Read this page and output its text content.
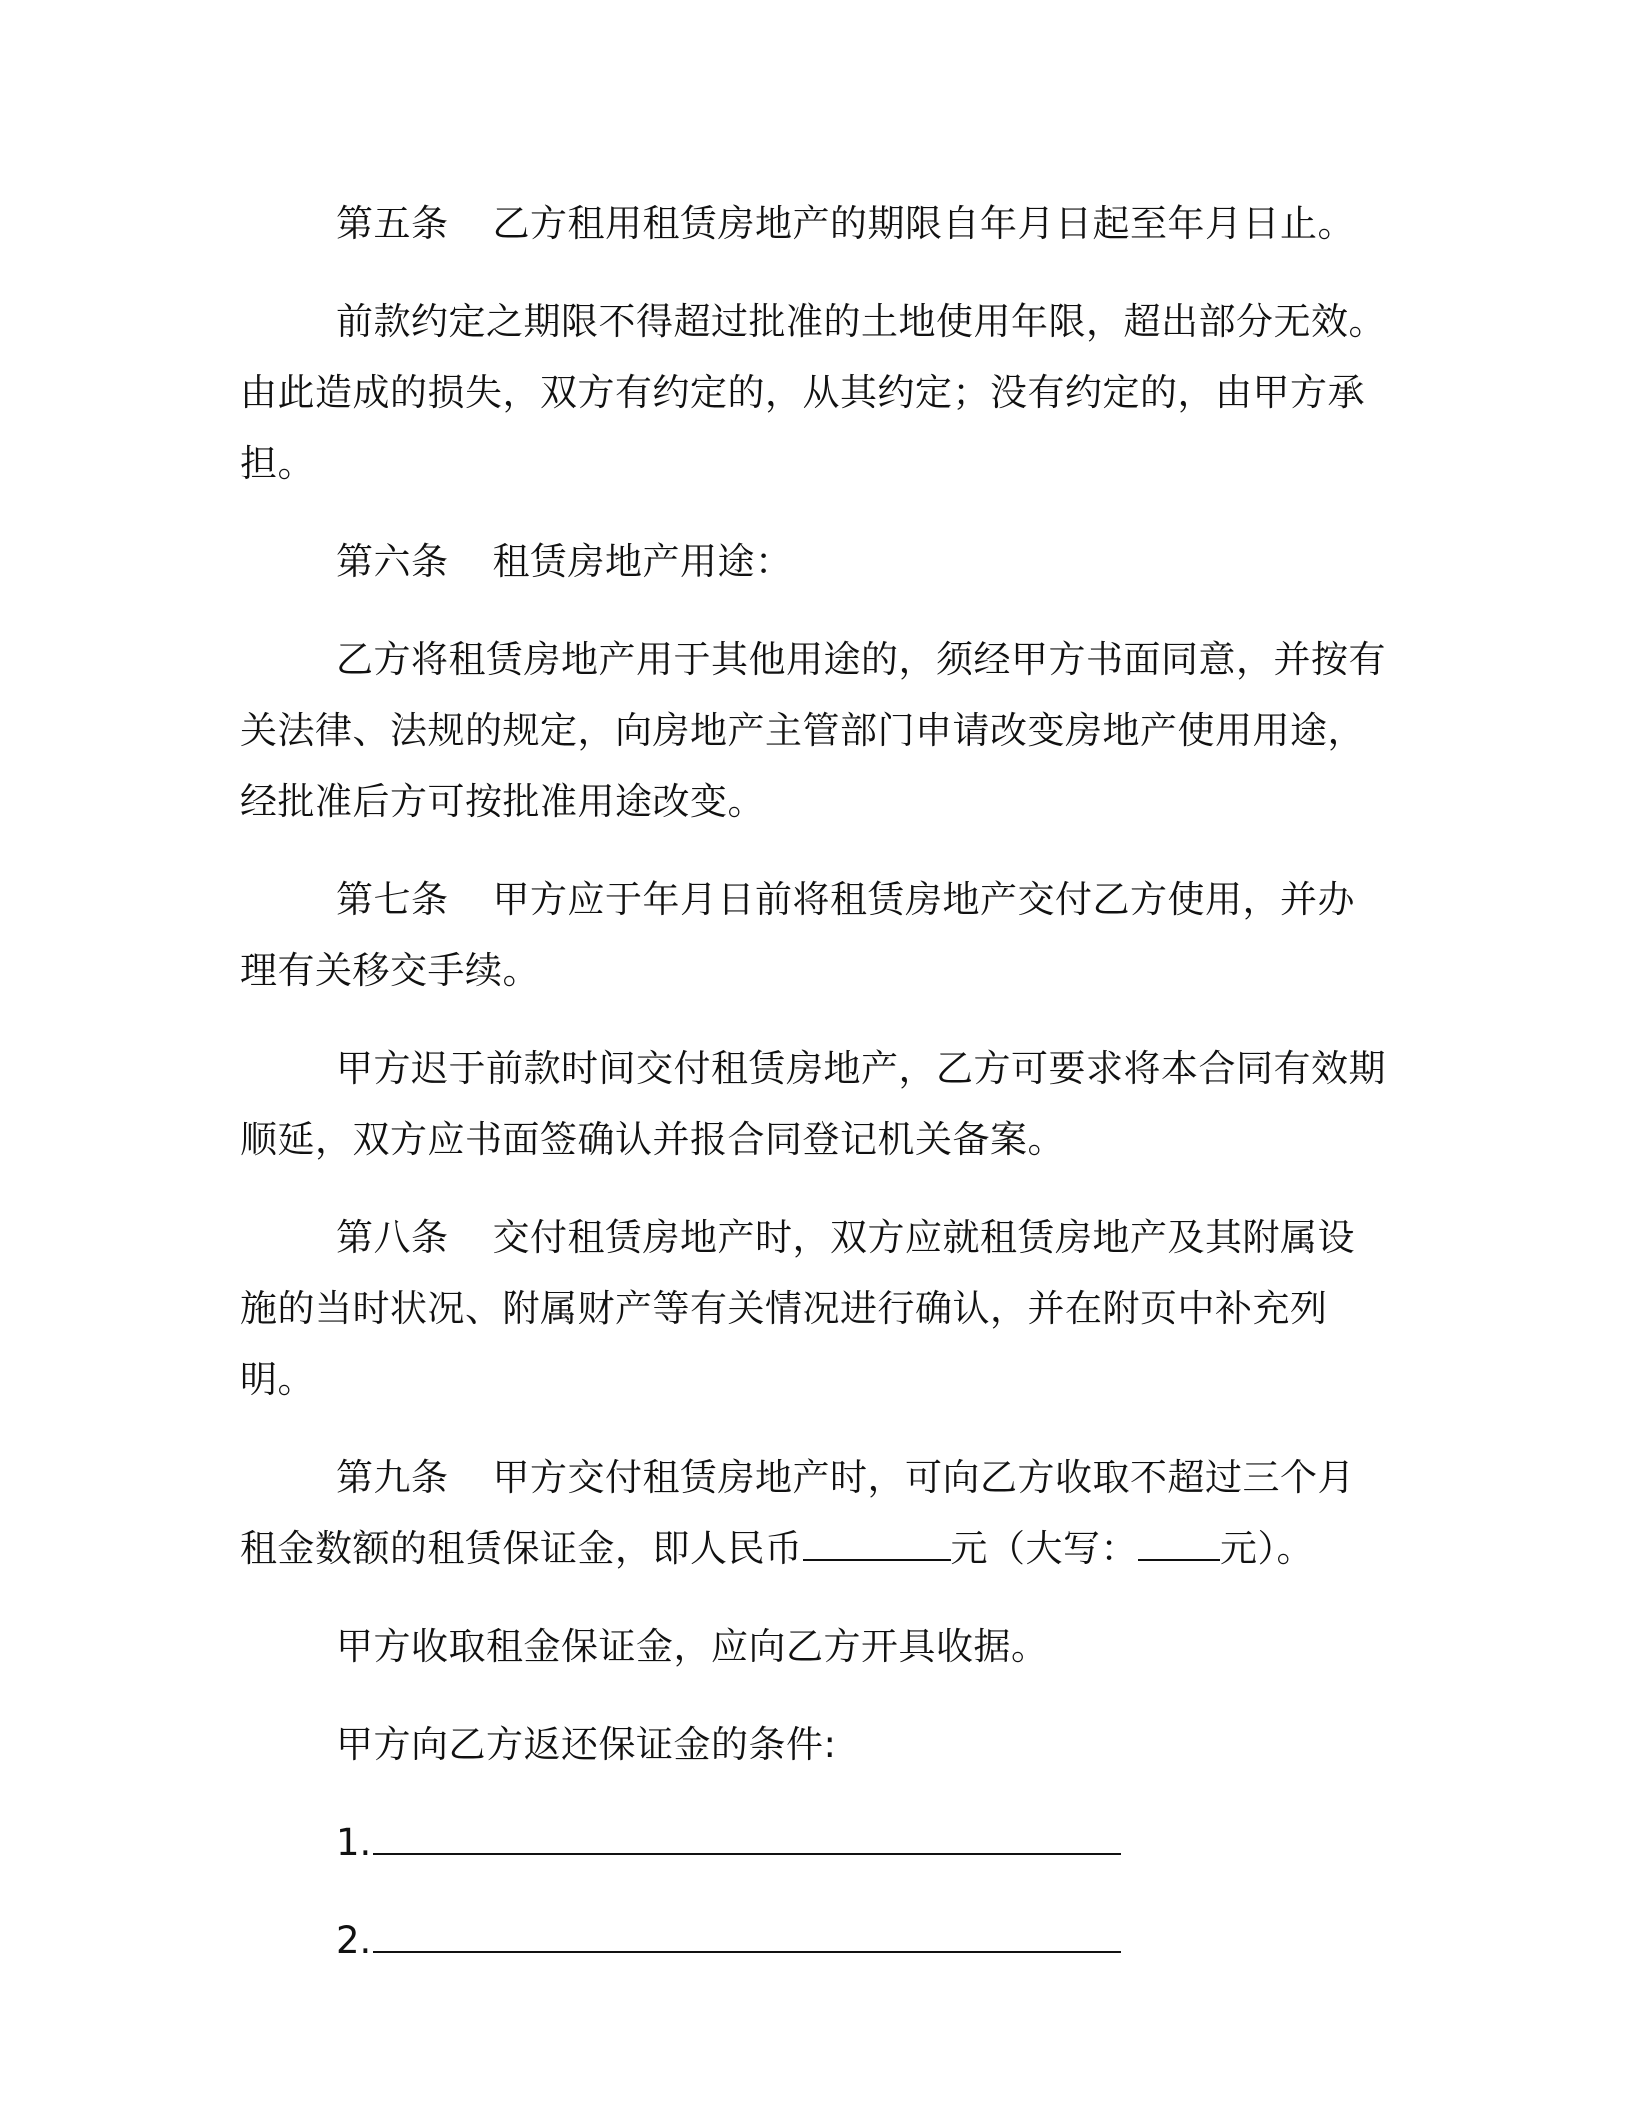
第五条 乙方租用租赁房地产的期限自年月日起至年月日止。

前款约定之期限不得超过批准的土地使用年限，超出部分无效。由此造成的损失，双方有约定的，从其约定；没有约定的，由甲方承担。

第六条 租赁房地产用途：

乙方将租赁房地产用于其他用途的，须经甲方书面同意，并按有关法律、法规的规定，向房地产主管部门申请改变房地产使用用途，经批准后方可按批准用途改变。

第七条 甲方应于年月日前将租赁房地产交付乙方使用，并办理有关移交手续。

甲方迟于前款时间交付租赁房地产，乙方可要求将本合同有效期顺延，双方应书面签确认并报合同登记机关备案。

第八条 交付租赁房地产时，双方应就租赁房地产及其附属设施的当时状况、附属财产等有关情况进行确认，并在附页中补充列明。

第九条 甲方交付租赁房地产时，可向乙方收取不超过三个月租金数额的租赁保证金，即人民币	元（大写： 元）。

甲方收取租金保证金，应向乙方开具收据。

甲方向乙方返还保证金的条件:

1.
2.
